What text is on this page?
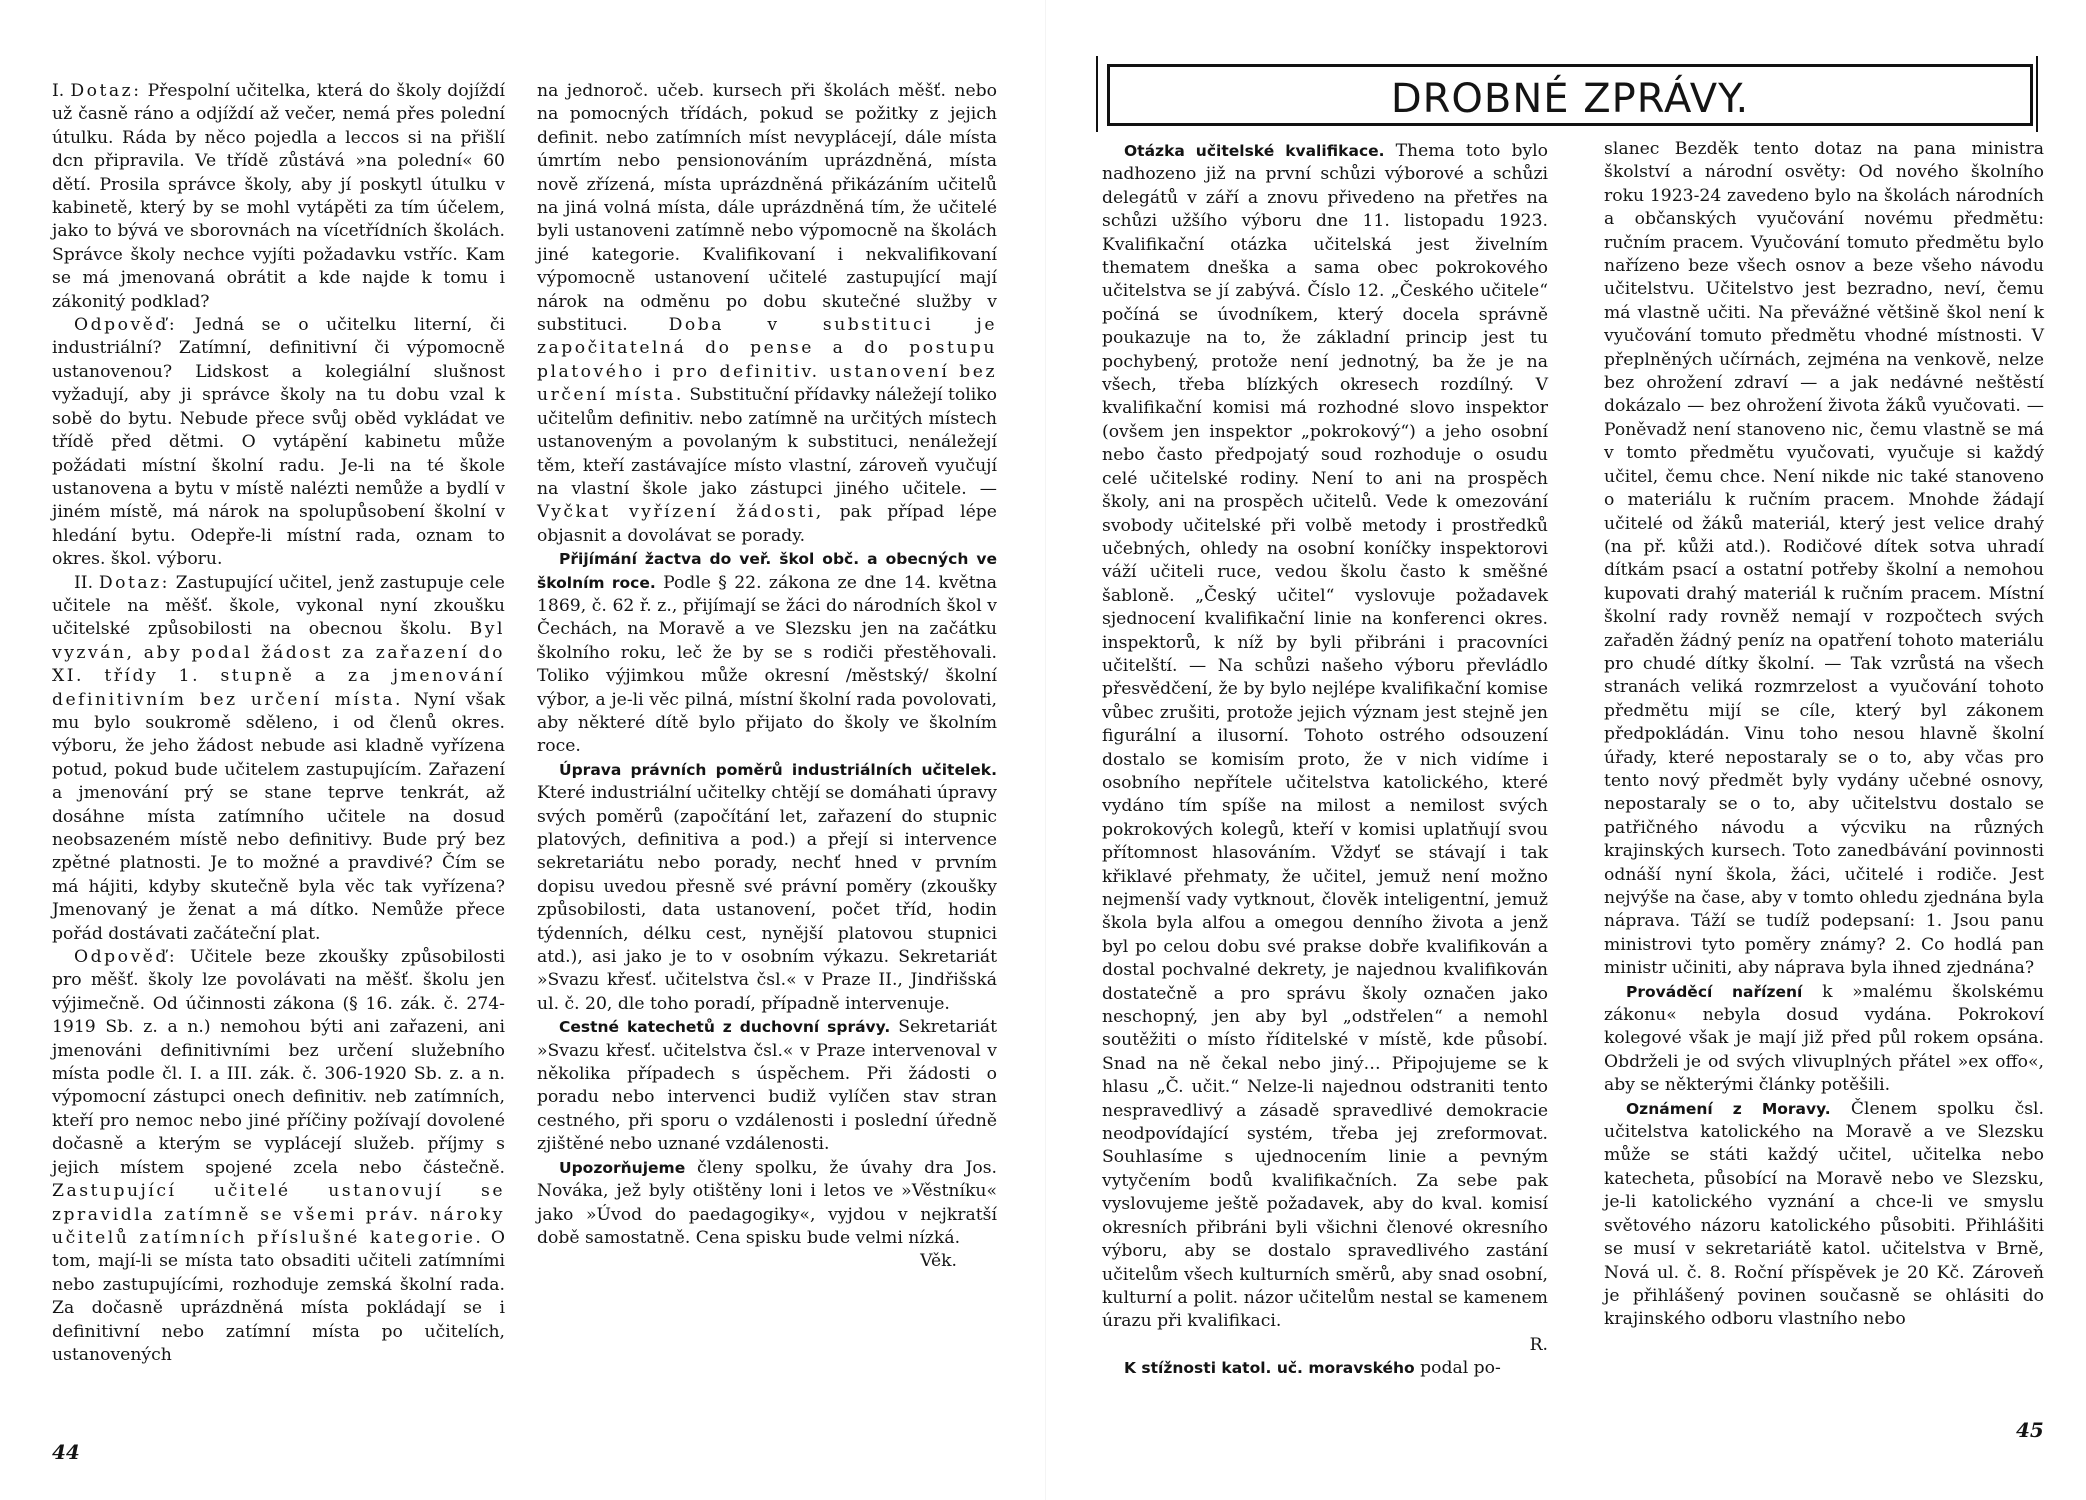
I. Dotaz: Přespolní učitelka, která do školy dojíždí už časně ráno a odjíždí až večer, nemá přes polední útulku. Ráda by něco pojedla a leccos si na přišlí dcn připravila. Ve třídě zůstává »na polední« 60 dětí. Prosila správce školy, aby jí poskytl útulku v kabinetě, který by se mohl vytápěti za tím účelem, jako to bývá ve sborovnách na vícetřídních školách. Správce školy nechce vyjíti požadavku vstříc. Kam se má jmenovaná obrátit a kde najde k tomu i zákonitý podklad?

Odpověď: Jedná se o učitelku literní, či industriální? Zatímní, definitivní či výpomocně ustanovenou? Lidskost a kolegiální slušnost vyžadují, aby ji správce školy na tu dobu vzal k sobě do bytu. Nebude přece svůj oběd vykládat ve třídě před dětmi. O vytápění kabinetu může požádati místní školní radu. Je-li na té škole ustanovena a bytu v místě nalézti nemůže a bydlí v jiném místě, má nárok na spolupůsobení školní v hledání bytu. Odepře-li místní rada, oznam to okres. škol. výboru.

II. Dotaz: Zastupující učitel, jenž zastupuje cele učitele na měšť. škole, vykonal nyní zkoušku učitelské způsobilosti na obecnou školu. Byl vyzván, aby podal žádost za zařazení do XI. třídy 1. stupně a za jmenování definitivním bez určení místa. Nyní však mu bylo soukromě sděleno, i od členů okres. výboru, že jeho žádost nebude asi kladně vyřízena potud, pokud bude učitelem zastupujícím. Zařazení a jmenování prý se stane teprve tenkrát, až dosáhne místa zatímního učitele na dosud neobsazeném místě nebo definitivy. Bude prý bez zpětné platnosti. Je to možné a pravdivé? Čím se má hájiti, kdyby skutečně byla věc tak vyřízena? Jmenovaný je ženat a má dítko. Nemůže přece pořád dostávati začáteční plat.

Odpověď: Učitele beze zkoušky způsobilosti pro měšť. školy lze povolávati na měšť. školu jen výjimečně. Od účinnosti zákona (§ 16. zák. č. 274-1919 Sb. z. a n.) nemohou býti ani zařazeni, ani jmenováni definitivními bez určení služebního místa podle čl. I. a III. zák. č. 306-1920 Sb. z. a n. výpomocní zástupci onech definitiv. neb zatímních, kteří pro nemoc nebo jiné příčiny požívají dovolené dočasně a kterým se vyplácejí služeb. příjmy s jejich místem spojené zcela nebo částečně. Zastupující učitelé ustanovují se zpravidla zatímně se všemi práv. nároky učitelů zatímních příslušné kategorie. O tom, mají-li se místa tato obsaditi učiteli zatímními nebo zastupujícími, rozhoduje zemská školní rada. Za dočasně uprázdněná místa pokládají se i definitivní nebo zatímní místa po učitelích, ustanovených

na jednoroč. učeb. kursech při školách měšť. nebo na pomocných třídách, pokud se požitky z jejich definit. nebo zatímních míst nevyplácejí, dále místa úmrtím nebo pensionováním uprázdněná, místa nově zřízená, místa uprázdněná přikázáním učitelů na jiná volná místa, dále uprázdněná tím, že učitelé byli ustanoveni zatímně nebo výpomocně na školách jiné kategorie. Kvalifikovaní i nekvalifikovaní výpomocně ustanovení učitelé zastupující mají nárok na odměnu po dobu skutečné služby v substituci. Doba v substituci je započitatelná do pense a do postupu platového i pro definitiv. ustanovení bez určení místa. Substituční přídavky náležejí toliko učitelům definitiv. nebo zatímně na určitých místech ustanoveným a povolaným k substituci, nenáležejí těm, kteří zastávajíce místo vlastní, zároveň vyučují na vlastní škole jako zástupci jiného učitele. — Vyčkat vyřízení žádosti, pak případ lépe objasnit a dovolávat se porady.

Přijímání žactva do veř. škol obč. a obecných ve školním roce. Podle § 22. zákona ze dne 14. května 1869, č. 62 ř. z., přijímají se žáci do národních škol v Čechách, na Moravě a ve Slezsku jen na začátku školního roku, leč že by se s rodiči přestěhovali. Toliko výjimkou může okresní /městský/ školní výbor, a je-li věc pilná, místní školní rada povolovati, aby některé dítě bylo přijato do školy ve školním roce.

Úprava právních poměrů industriálních učitelek. Které industriální učitelky chtějí se domáhati úpravy svých poměrů (započítání let, zařazení do stupnic platových, definitiva a pod.) a přejí si intervence sekretariátu nebo porady, nechť hned v prvním dopisu uvedou přesně své právní poměry (zkoušky způsobilosti, data ustanovení, počet tříd, hodin týdenních, délku cest, nynější platovou stupnici atd.), asi jako je to v osobním výkazu. Sekretariát »Svazu křesť. učitelstva čsl.« v Praze II., Jindřišská ul. č. 20, dle toho poradí, případně intervenuje.

Cestné katechetů z duchovní správy. Sekretariát »Svazu křesť. učitelstva čsl.« v Praze intervenoval v několika případech s úspěchem. Při žádosti o poradu nebo intervenci budiž vylíčen stav stran cestného, při sporu o vzdálenosti i poslední úředně zjištěné nebo uznané vzdálenosti.

Upozorňujeme členy spolku, že úvahy dra Jos. Nováka, jež byly otištěny loni i letos ve »Věstníku« jako »Úvod do paedagogiky«, vyjdou v nejkratší době samostatně. Cena spisku bude velmi nízká.

Věk.

DROBNÉ ZPRÁVY.

Otázka učitelské kvalifikace. Thema toto bylo nadhozeno již na první schůzi výborové a schůzi delegátů v září a znovu přivedeno na přetřes na schůzi užšího výboru dne 11. listopadu 1923. Kvalifikační otázka učitelská jest živelním thematem dneška a sama obec pokrokového učitelstva se jí zabývá. Číslo 12. „Českého učitele“ počíná se úvodníkem, který docela správně poukazuje na to, že základní princip jest tu pochybený, protože není jednotný, ba že je na všech, třeba blízkých okresech rozdílný. V kvalifikační komisi má rozhodné slovo inspektor (ovšem jen inspektor „pokrokový“) a jeho osobní nebo často předpojatý soud rozhoduje o osudu celé učitelské rodiny. Není to ani na prospěch školy, ani na prospěch učitelů. Vede k omezování svobody učitelské při volbě metody i prostředků učebných, ohledy na osobní koníčky inspektorovi váží učiteli ruce, vedou školu často k směšné šabloně. „Český učitel“ vyslovuje požadavek sjednocení kvalifikační linie na konferenci okres. inspektorů, k níž by byli přibráni i pracovníci učitelští. — Na schůzi našeho výboru převládlo přesvědčení, že by bylo nejlépe kvalifikační komise vůbec zrušiti, protože jejich význam jest stejně jen figurální a ilusorní. Tohoto ostrého odsouzení dostalo se komisím proto, že v nich vidíme i osobního nepřítele učitelstva katolického, které vydáno tím spíše na milost a nemilost svých pokrokových kolegů, kteří v komisi uplatňují svou přítomnost hlasováním. Vždyť se stávají i tak křiklavé přehmaty, že učitel, jemuž není možno nejmenší vady vytknout, člověk inteligentní, jemuž škola byla alfou a omegou denního života a jenž byl po celou dobu své prakse dobře kvalifikován a dostal pochvalné dekrety, je najednou kvalifikován dostatečně a pro správu školy označen jako neschopný, jen aby byl „odstřelen“ a nemohl soutěžiti o místo říditelské v místě, kde působí. Snad na ně čekal nebo jiný… Připojujeme se k hlasu „Č. učit.“ Nelze-li najednou odstraniti tento nespravedlivý a zásadě spravedlivé demokracie neodpovídající systém, třeba jej zreformovat. Souhlasíme s ujednocením linie a pevným vytyčením bodů kvalifikačních. Za sebe pak vyslovujeme ještě požadavek, aby do kval. komisí okresních přibráni byli všichni členové okresního výboru, aby se dostalo spravedlivého zastání učitelům všech kulturních směrů, aby snad osobní, kulturní a polit. názor učitelům nestal se kamenem úrazu při kvalifikaci.

R.

K stížnosti katol. uč. moravského podal po-

slanec Bezděk tento dotaz na pana ministra školství a národní osvěty: Od nového školního roku 1923-24 zavedeno bylo na školách národních a občanských vyučování novému předmětu: ručním pracem. Vyučování tomuto předmětu bylo nařízeno beze všech osnov a beze všeho návodu učitelstvu. Učitelstvo jest bezradno, neví, čemu má vlastně učiti. Na převážné většině škol není k vyučování tomuto předmětu vhodné místnosti. V přeplněných učírnách, zejména na venkově, nelze bez ohrožení zdraví — a jak nedávné neštěstí dokázalo — bez ohrožení života žáků vyučovati. — Poněvadž není stanoveno nic, čemu vlastně se má v tomto předmětu vyučovati, vyučuje si každý učitel, čemu chce. Není nikde nic také stanoveno o materiálu k ručním pracem. Mnohde žádají učitelé od žáků materiál, který jest velice drahý (na př. kůži atd.). Rodičové dítek sotva uhradí dítkám psací a ostatní potřeby školní a nemohou kupovati drahý materiál k ručním pracem. Místní školní rady rovněž nemají v rozpočtech svých zařaděn žádný peníz na opatření tohoto materiálu pro chudé dítky školní. — Tak vzrůstá na všech stranách veliká rozmrzelost a vyučování tohoto předmětu mijí se cíle, který byl zákonem předpokládán. Vinu toho nesou hlavně školní úřady, které nepostaraly se o to, aby včas pro tento nový předmět byly vydány učebné osnovy, nepostaraly se o to, aby učitelstvu dostalo se patřičného návodu a výcviku na různých krajinských kursech. Toto zanedbávání povinnosti odnáší nyní škola, žáci, učitelé i rodiče. Jest nejvýše na čase, aby v tomto ohledu zjednána byla náprava. Táží se tudíž podepsaní: 1. Jsou panu ministrovi tyto poměry známy? 2. Co hodlá pan ministr učiniti, aby náprava byla ihned zjednána?

Prováděcí nařízení k »malému školskému zákonu« nebyla dosud vydána. Pokrokoví kolegové však je mají již před půl rokem opsána. Obdrželi je od svých vlivuplných přátel »ex offo«, aby se některými články potěšili.

Oznámení z Moravy. Členem spolku čsl. učitelstva katolického na Moravě a ve Slezsku může se státi každý učitel, učitelka nebo katecheta, působící na Moravě nebo ve Slezsku, je-li katolického vyznání a chce-li ve smyslu světového názoru katolického působiti. Přihlášiti se musí v sekretariátě katol. učitelstva v Brně, Nová ul. č. 8. Roční příspěvek je 20 Kč. Zároveň je přihlášený povinen současně se ohlásiti do krajinského odboru vlastního nebo

44
45
